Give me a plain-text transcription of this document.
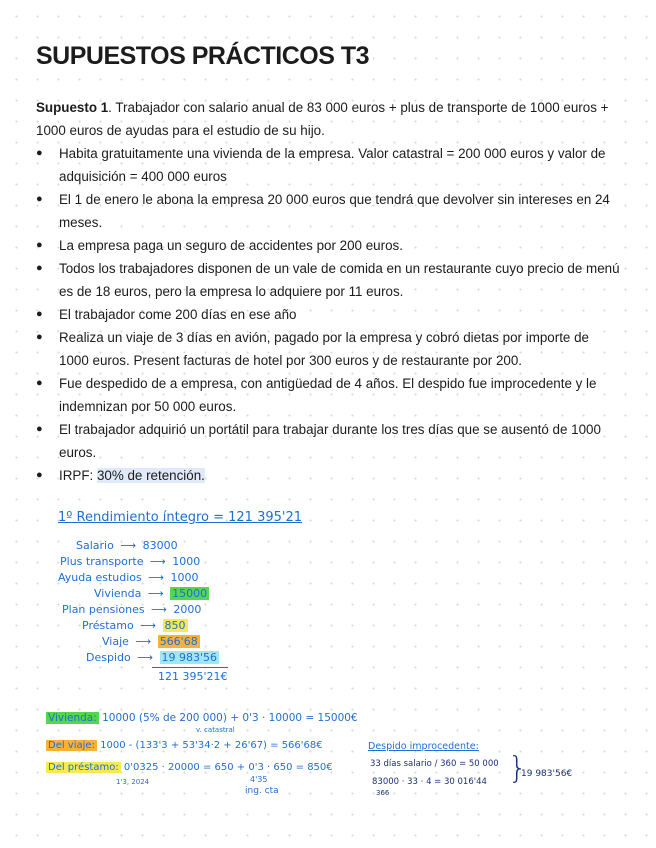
SUPUESTOS PRÁCTICOS T3

Supuesto 1. Trabajador con salario anual de 83 000 euros + plus de transporte de 1000 euros + 1000 euros de ayudas para el estudio de su hijo.

● Habita gratuitamente una vivienda de la empresa. Valor catastral = 200 000 euros y valor de adquisición = 400 000 euros
● El 1 de enero le abona la empresa 20 000 euros que tendrá que devolver sin intereses en 24 meses.
● La empresa paga un seguro de accidentes por 200 euros.
● Todos los trabajadores disponen de un vale de comida en un restaurante cuyo precio de menú es de 18 euros, pero la empresa lo adquiere por 11 euros.
● El trabajador come 200 días en ese año
● Realiza un viaje de 3 días en avión, pagado por la empresa y cobró dietas por importe de 1000 euros. Present facturas de hotel por 300 euros y de restaurante por 200.
● Fue despedido de a empresa, con antigüedad de 4 años. El despido fue improcedente y le indemnizan por 50 000 euros.
● El trabajador adquirió un portátil para trabajar durante los tres días que se ausentó de 1000 euros.
● IRPF: 30% de retención.
1º Rendimiento íntegro = 121 395'21
Salario ⟶ 83000
Plus transporte ⟶ 1000
Ayuda estudios ⟶ 1000
Vivienda ⟶ 15000
Plan pensiones ⟶ 2000
Préstamo ⟶ 850
Viaje ⟶ 566'68
Despido ⟶ 19 983'56
121 395'21€
Vivienda: 10000 (5% de 200 000) + 0'3 · 10000 = 15000€
v. catastral
Del viaje: 1000 - (133'3 + 53'34·2 + 26'67) = 566'68€
Del préstamo: 0'0325 · 20000 = 650 + 0'3 · 650 = 850€
1'3, 2024	4'35
ing. cta
Despido improcedente:
33 días salario / 360 = 50 000
83000 · 33 · 4 = 30 016'44
366
}
19 983'56€
